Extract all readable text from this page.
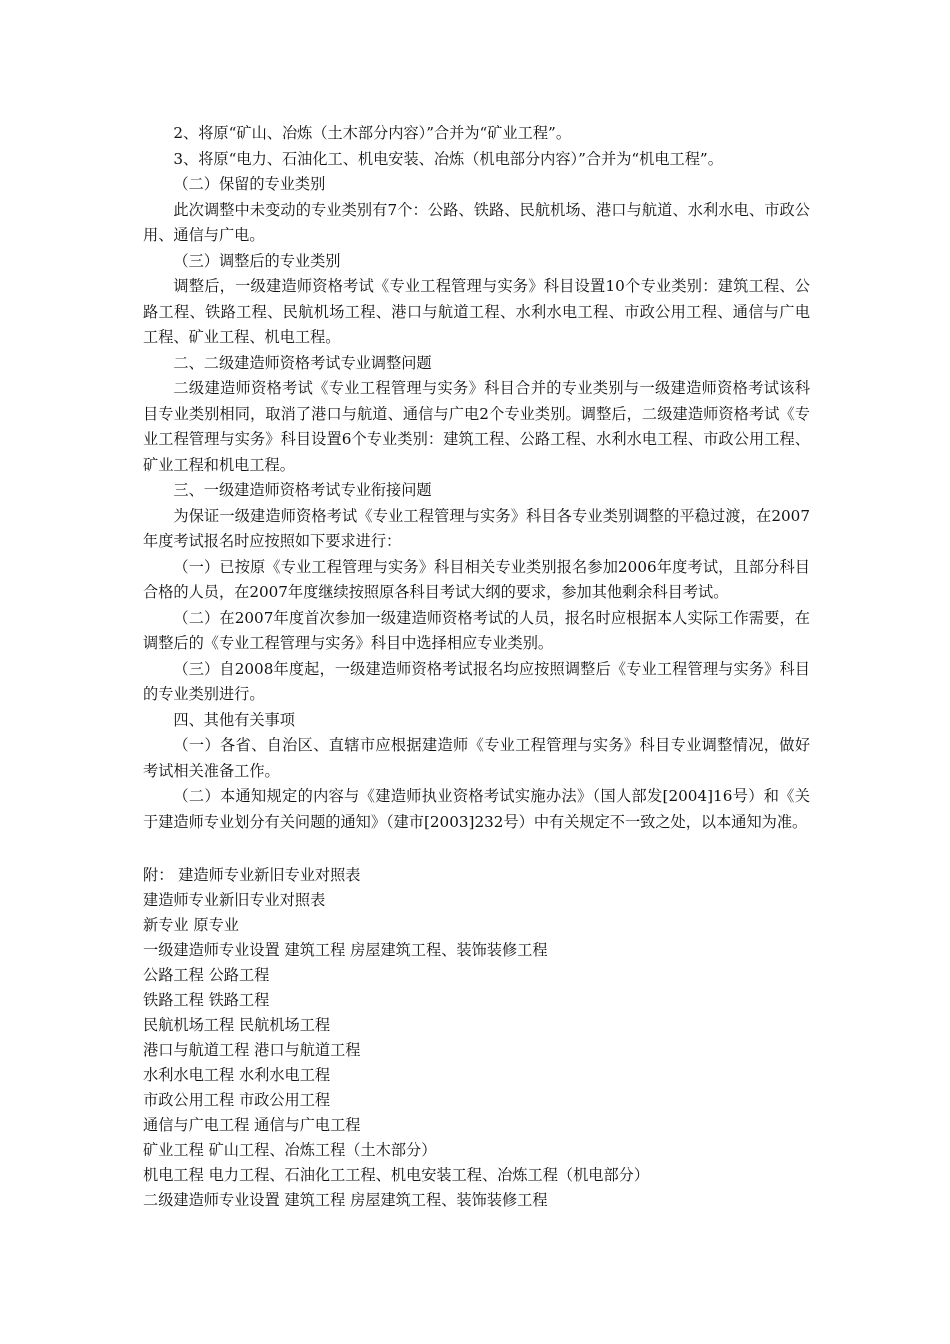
2、将原“矿山、冶炼（土木部分内容）”合并为“矿业工程”。

3、将原“电力、石油化工、机电安装、冶炼（机电部分内容）”合并为“机电工程”。

（二）保留的专业类别

此次调整中未变动的专业类别有7个：公路、铁路、民航机场、港口与航道、水利水电、市政公用、通信与广电。

（三）调整后的专业类别

调整后，一级建造师资格考试《专业工程管理与实务》科目设置10个专业类别：建筑工程、公路工程、铁路工程、民航机场工程、港口与航道工程、水利水电工程、市政公用工程、通信与广电工程、矿业工程、机电工程。

二、二级建造师资格考试专业调整问题

二级建造师资格考试《专业工程管理与实务》科目合并的专业类别与一级建造师资格考试该科目专业类别相同，取消了港口与航道、通信与广电2个专业类别。调整后，二级建造师资格考试《专业工程管理与实务》科目设置6个专业类别：建筑工程、公路工程、水利水电工程、市政公用工程、矿业工程和机电工程。

三、一级建造师资格考试专业衔接问题

为保证一级建造师资格考试《专业工程管理与实务》科目各专业类别调整的平稳过渡，在2007年度考试报名时应按照如下要求进行：

（一）已按原《专业工程管理与实务》科目相关专业类别报名参加2006年度考试，且部分科目合格的人员，在2007年度继续按照原各科目考试大纲的要求，参加其他剩余科目考试。

（二）在2007年度首次参加一级建造师资格考试的人员，报名时应根据本人实际工作需要，在调整后的《专业工程管理与实务》科目中选择相应专业类别。

（三）自2008年度起，一级建造师资格考试报名均应按照调整后《专业工程管理与实务》科目的专业类别进行。

四、其他有关事项

（一）各省、自治区、直辖市应根据建造师《专业工程管理与实务》科目专业调整情况，做好考试相关准备工作。

（二）本通知规定的内容与《建造师执业资格考试实施办法》（国人部发[2004]16号）和《关于建造师专业划分有关问题的通知》（建市[2003]232号）中有关规定不一致之处，以本通知为准。

附： 建造师专业新旧专业对照表
建造师专业新旧专业对照表
新专业 原专业
一级建造师专业设置 建筑工程 房屋建筑工程、装饰装修工程
公路工程 公路工程
铁路工程 铁路工程
民航机场工程 民航机场工程
港口与航道工程 港口与航道工程
水利水电工程 水利水电工程
市政公用工程 市政公用工程
通信与广电工程 通信与广电工程
矿业工程 矿山工程、冶炼工程（土木部分）
机电工程 电力工程、石油化工工程、机电安装工程、冶炼工程（机电部分）
二级建造师专业设置 建筑工程 房屋建筑工程、装饰装修工程
